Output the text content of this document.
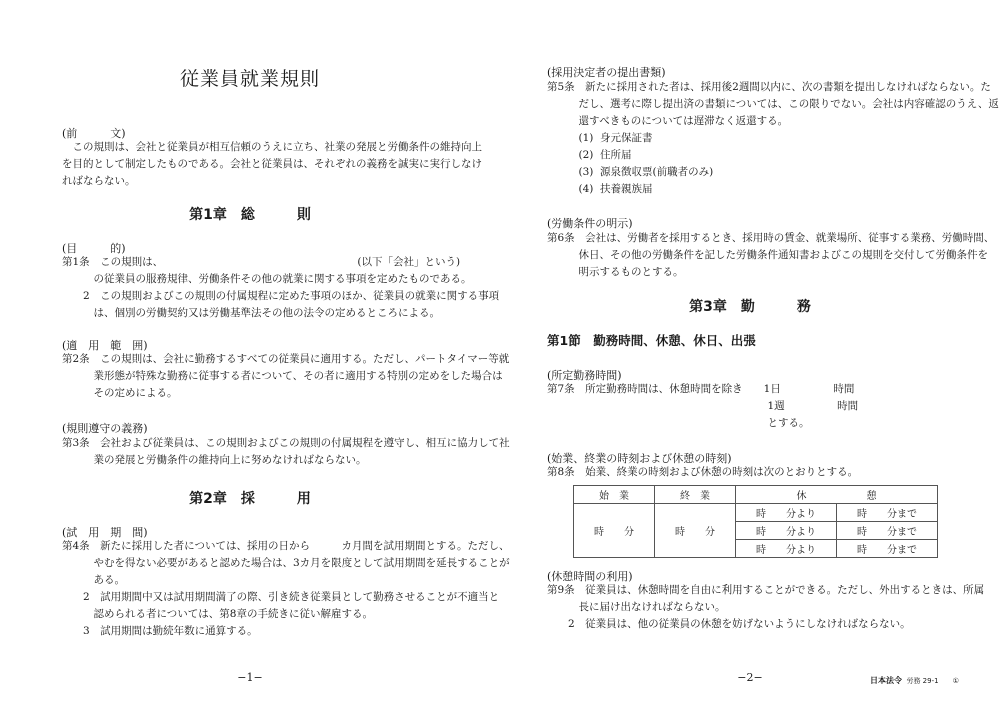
従業員就業規則
(前　　　文)
　この規則は、会社と従業員が相互信頼のうえに立ち、社業の発展と労働条件の維持向上
を目的として制定したものである。会社と従業員は、それぞれの義務を誠実に実行しなけ
ればならない。
第1章　総　　　則
(目　　　的)
第1条　この規則は、　　　　　　　　　　　　　　　　　　　(以下「会社」という)
　　　の従業員の服務規律、労働条件その他の就業に関する事項を定めたものである。
　　2　この規則およびこの規則の付属規程に定めた事項のほか、従業員の就業に関する事項
　　　は、個別の労働契約又は労働基準法その他の法令の定めるところによる。
(適　用　範　囲)
第2条　この規則は、会社に勤務するすべての従業員に適用する。ただし、パートタイマー等就
　　　業形態が特殊な勤務に従事する者について、その者に適用する特別の定めをした場合は
　　　その定めによる。
(規則遵守の義務)
第3条　会社および従業員は、この規則およびこの規則の付属規程を遵守し、相互に協力して社
　　　業の発展と労働条件の維持向上に努めなければならない。
第2章　採　　　用
(試　用　期　間)
第4条　新たに採用した者については、採用の日から　　　カ月間を試用期間とする。ただし、
　　　やむを得ない必要があると認めた場合は、3カ月を限度として試用期間を延長することが
　　　ある。
　　2　試用期間中又は試用期間満了の際、引き続き従業員として勤務させることが不適当と
　　　認められる者については、第8章の手続きに従い解雇する。
　　3　試用期間は勤続年数に通算する。
−1−
(採用決定者の提出書類)
第5条　新たに採用された者は、採用後2週間以内に、次の書類を提出しなければならない。た
　　　だし、選考に際し提出済の書類については、この限りでない。会社は内容確認のうえ、返
　　　還すべきものについては遅滞なく返還する。
　　　(1)  身元保証書
　　　(2)  住所届
　　　(3)  源泉徴収票(前職者のみ)
　　　(4)  扶養親族届
(労働条件の明示)
第6条　会社は、労働者を採用するとき、採用時の賃金、就業場所、従事する業務、労働時間、
　　　休日、その他の労働条件を記した労働条件通知書およびこの規則を交付して労働条件を
　　　明示するものとする。
第3章　勤　　　務
第1節　勤務時間、休憩、休日、出張
(所定勤務時間)
第7条　所定勤務時間は、休憩時間を除き　　1日　　　　　時間
　　　　　　　　　　　　　　　　　　　　　1週　　　　　時間
　　　　　　　　　　　　　　　　　　　　　とする。
(始業、終業の時刻および休憩の時刻)
第8条　始業、終業の時刻および休憩の時刻は次のとおりとする。
(休憩時間の利用)
第9条　従業員は、休憩時間を自由に利用することができる。ただし、外出するときは、所属
　　　長に届け出なければならない。
　　2　従業員は、他の従業員の休憩を妨げないようにしなければならない。
−2−
始　業	終　業	休　　　　　　憩	
時　　分	時　　分	時　　分より	時　　分まで
		時　　分より	時　　分まで
		時　　分より	時　　分まで
日本法令 労務 29-1　　①
